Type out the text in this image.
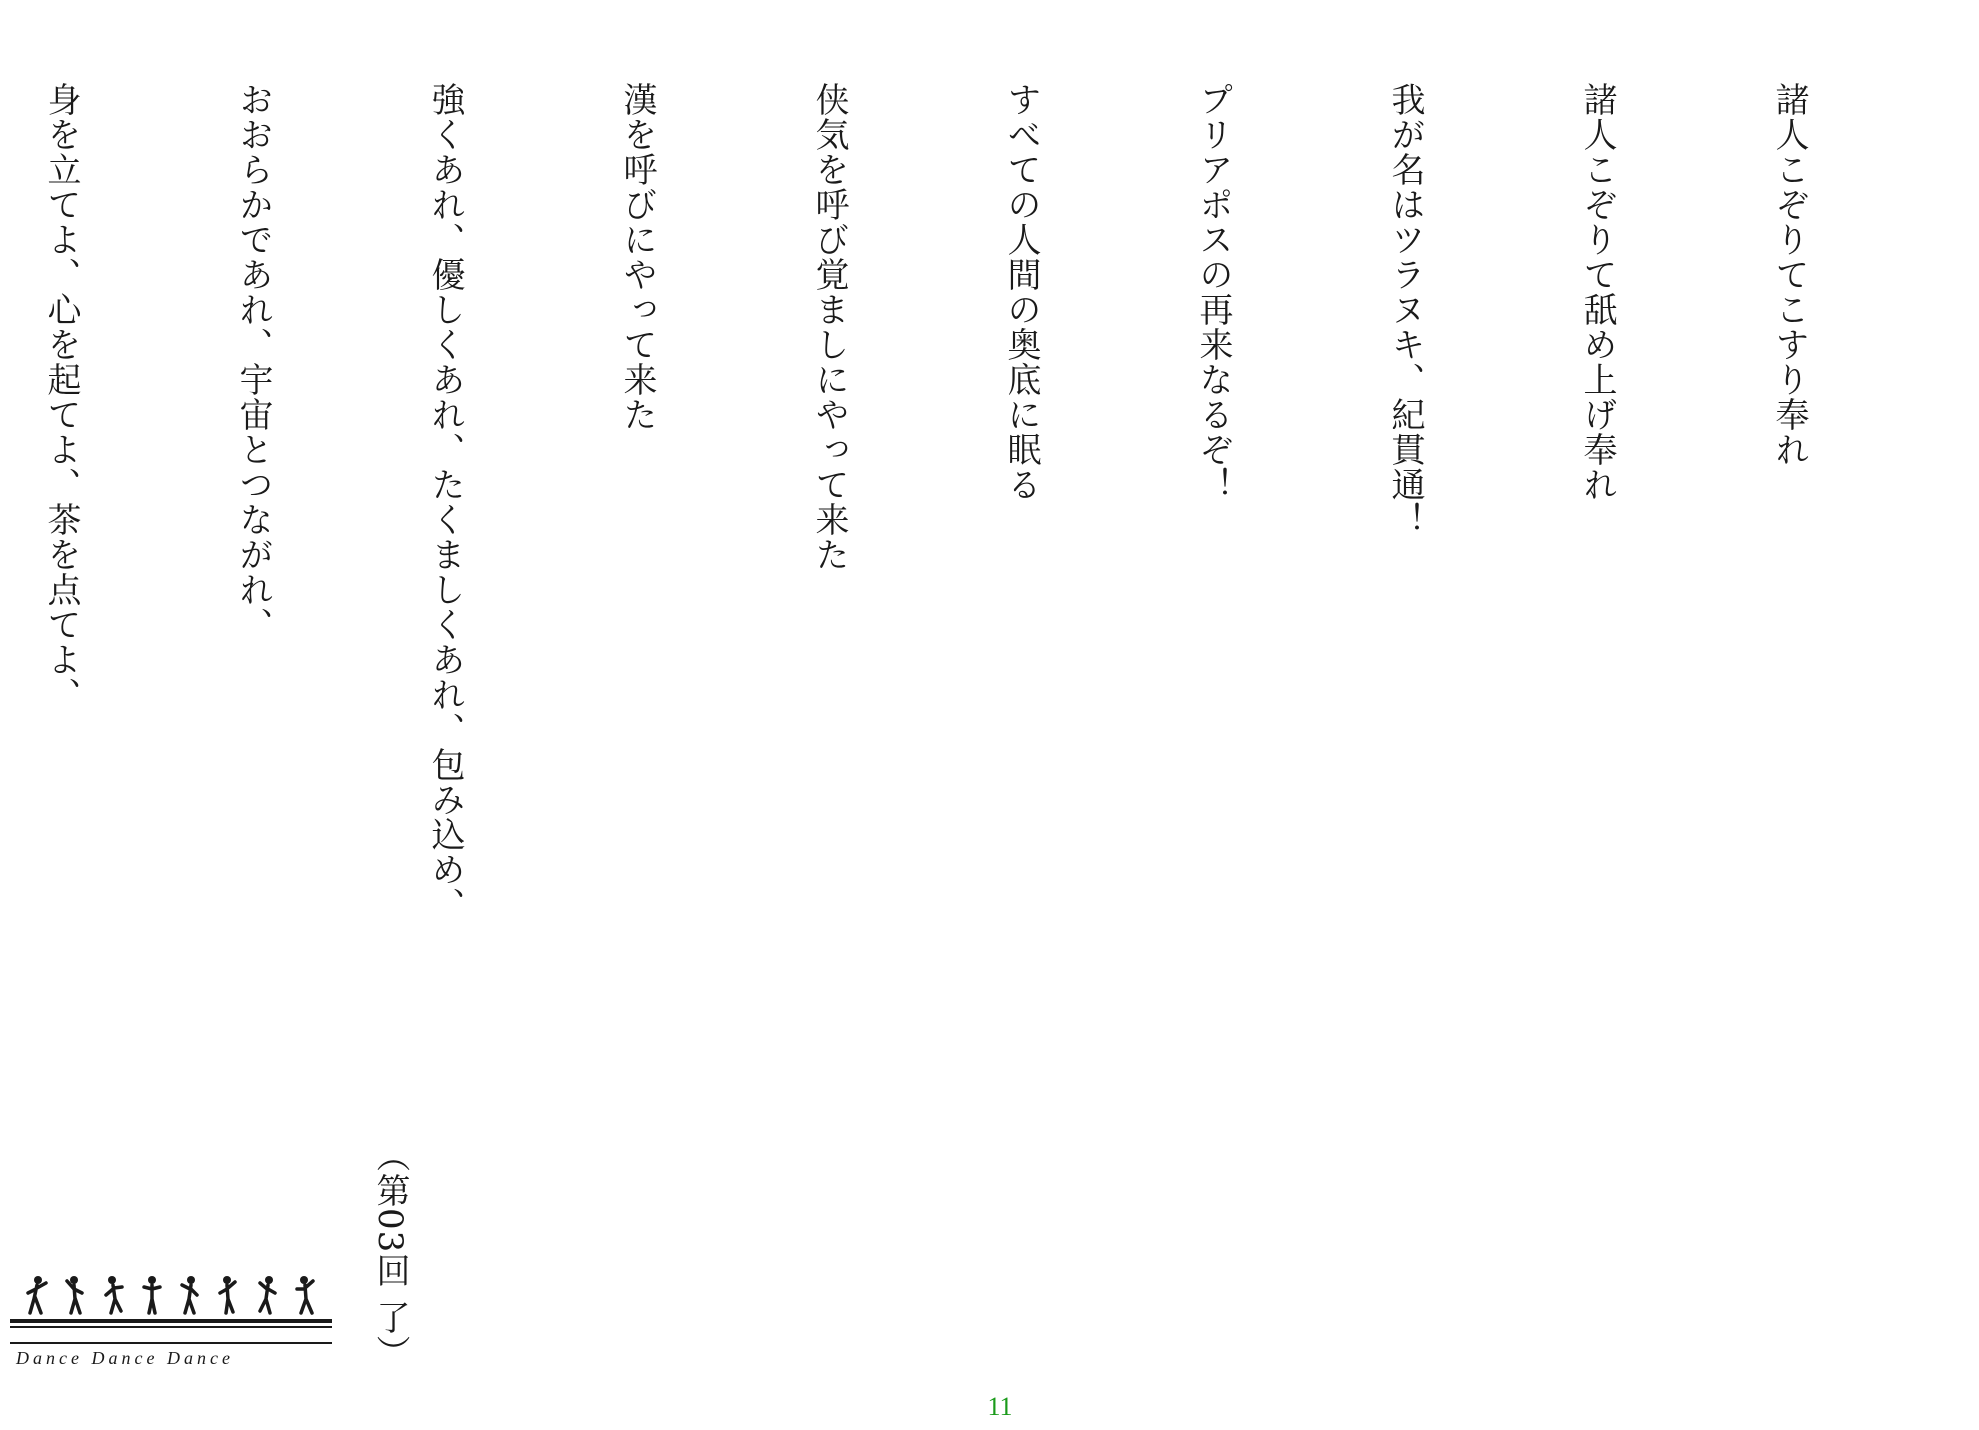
諸人こぞりてこすり奉れ

諸人こぞりて舐め上げ奉れ

我が名はツラヌキ、紀貫通！

プリアポスの再来なるぞ！

すべての人間の奥底に眠る

侠気を呼び覚ましにやって来た

漢を呼びにやって来た

強くあれ、優しくあれ、たくましくあれ、包み込め、

おおらかであれ、宇宙とつながれ、

身を立てよ、心を起てよ、茶を点てよ、

（第03回 了）
Dance Dance Dance
11
